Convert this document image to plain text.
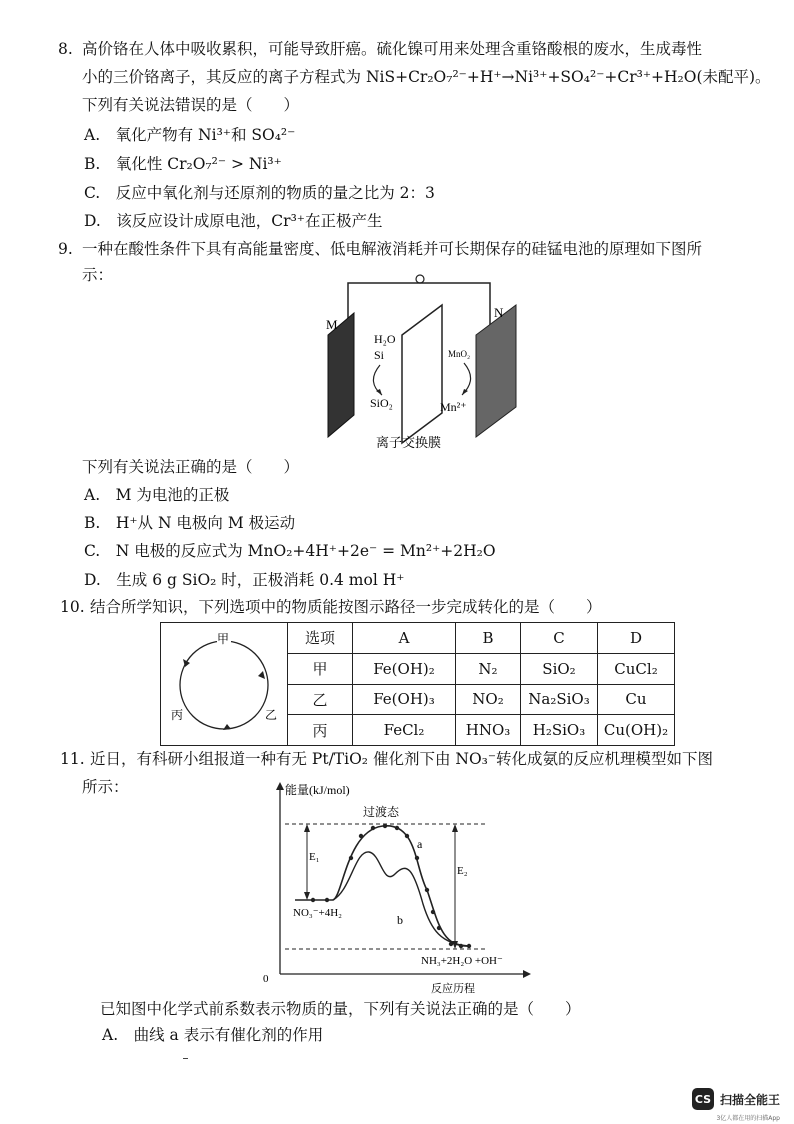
8. 高价铬在人体中吸收累积，可能导致肝癌。硫化镍可用来处理含重铬酸根的废水，生成毒性
小的三价铬离子，其反应的离子方程式为 NiS+Cr₂O₇²⁻+H⁺→Ni³⁺+SO₄²⁻+Cr³⁺+H₂O(未配平)。
下列有关说法错误的是（　　）
A.　氧化产物有 Ni³⁺和 SO₄²⁻
B.　氧化性 Cr₂O₇²⁻ > Ni³⁺
C.　反应中氧化剂与还原剂的物质的量之比为 2：3
D.　该反应设计成原电池，Cr³⁺在正极产生
9. 一种在酸性条件下具有高能量密度、低电解液消耗并可长期保存的硅锰电池的原理如下图所
示：
M
N
H₂O
Si
SiO₂
MnO₂
Mn²⁺
离子交换膜
下列有关说法正确的是（　　）
A.　M 为电池的正极
B.　H⁺从 N 电极向 M 极运动
C.　N 电极的反应式为 MnO₂+4H⁺+2e⁻ = Mn²⁺+2H₂O
D.　生成 6 g SiO₂ 时，正极消耗 0.4 mol H⁺
10. 结合所学知识，下列选项中的物质能按图示路径一步完成转化的是（　　）
甲
丙 乙	选项	A	B	C	D
	甲	Fe(OH)₂	N₂	SiO₂	CuCl₂
	乙	Fe(OH)₃	NO₂	Na₂SiO₃	Cu
	丙	FeCl₂	HNO₃	H₂SiO₃	Cu(OH)₂
11. 近日，有科研小组报道一种有无 Pt/TiO₂ 催化剂下由 NO₃⁻转化成氨的反应机理模型如下图
所示：	能量(kJ/mol)
过渡态
a
b
E₁
E₂
NO₃⁻+4H₂
NH₃+2H₂O +OH⁻
0
反应历程
已知图中化学式前系数表示物质的量，下列有关说法正确的是（　　）
A.　曲线 a 表示有催化剂的作用
CS 扫描全能王
3亿人都在用的扫描App
